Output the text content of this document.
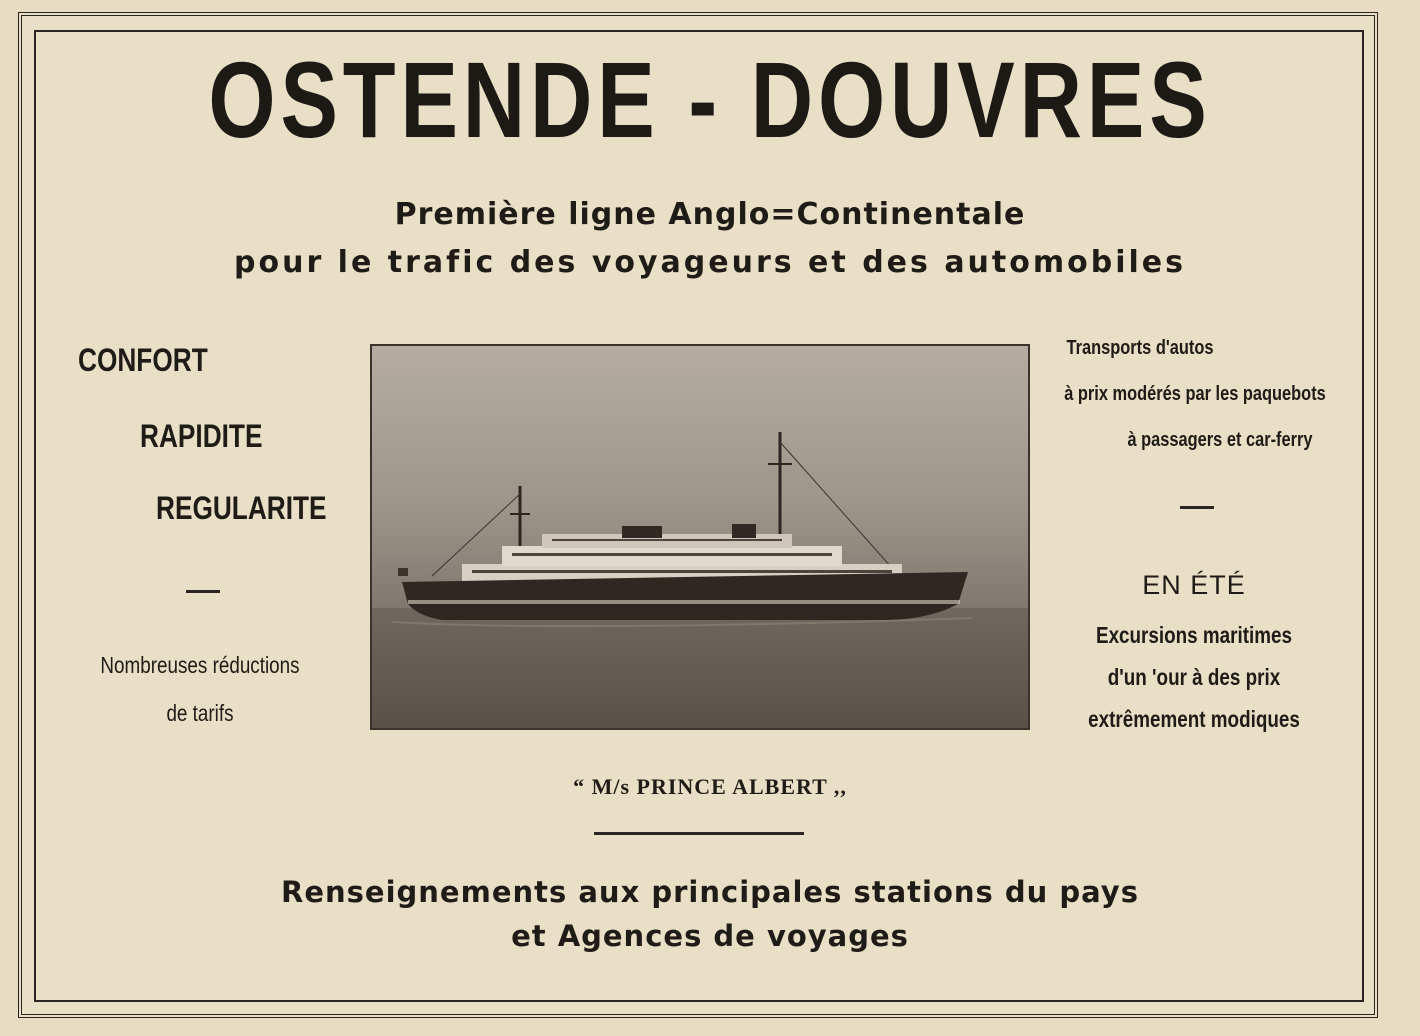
OSTENDE - DOUVRES
Première ligne Anglo=Continentale
pour le trafic des voyageurs et des automobiles
CONFORT
RAPIDITE
REGULARITE
Nombreuses réductions
de tarifs
Transports d'autos
à prix modérés par les paquebots
à passagers et car-ferry
EN ÉTÉ
Excursions maritimes
d'un 'our à des prix
extrêmement modiques
“ M/s PRINCE ALBERT ,,
Renseignements aux principales stations du pays
et Agences de voyages
